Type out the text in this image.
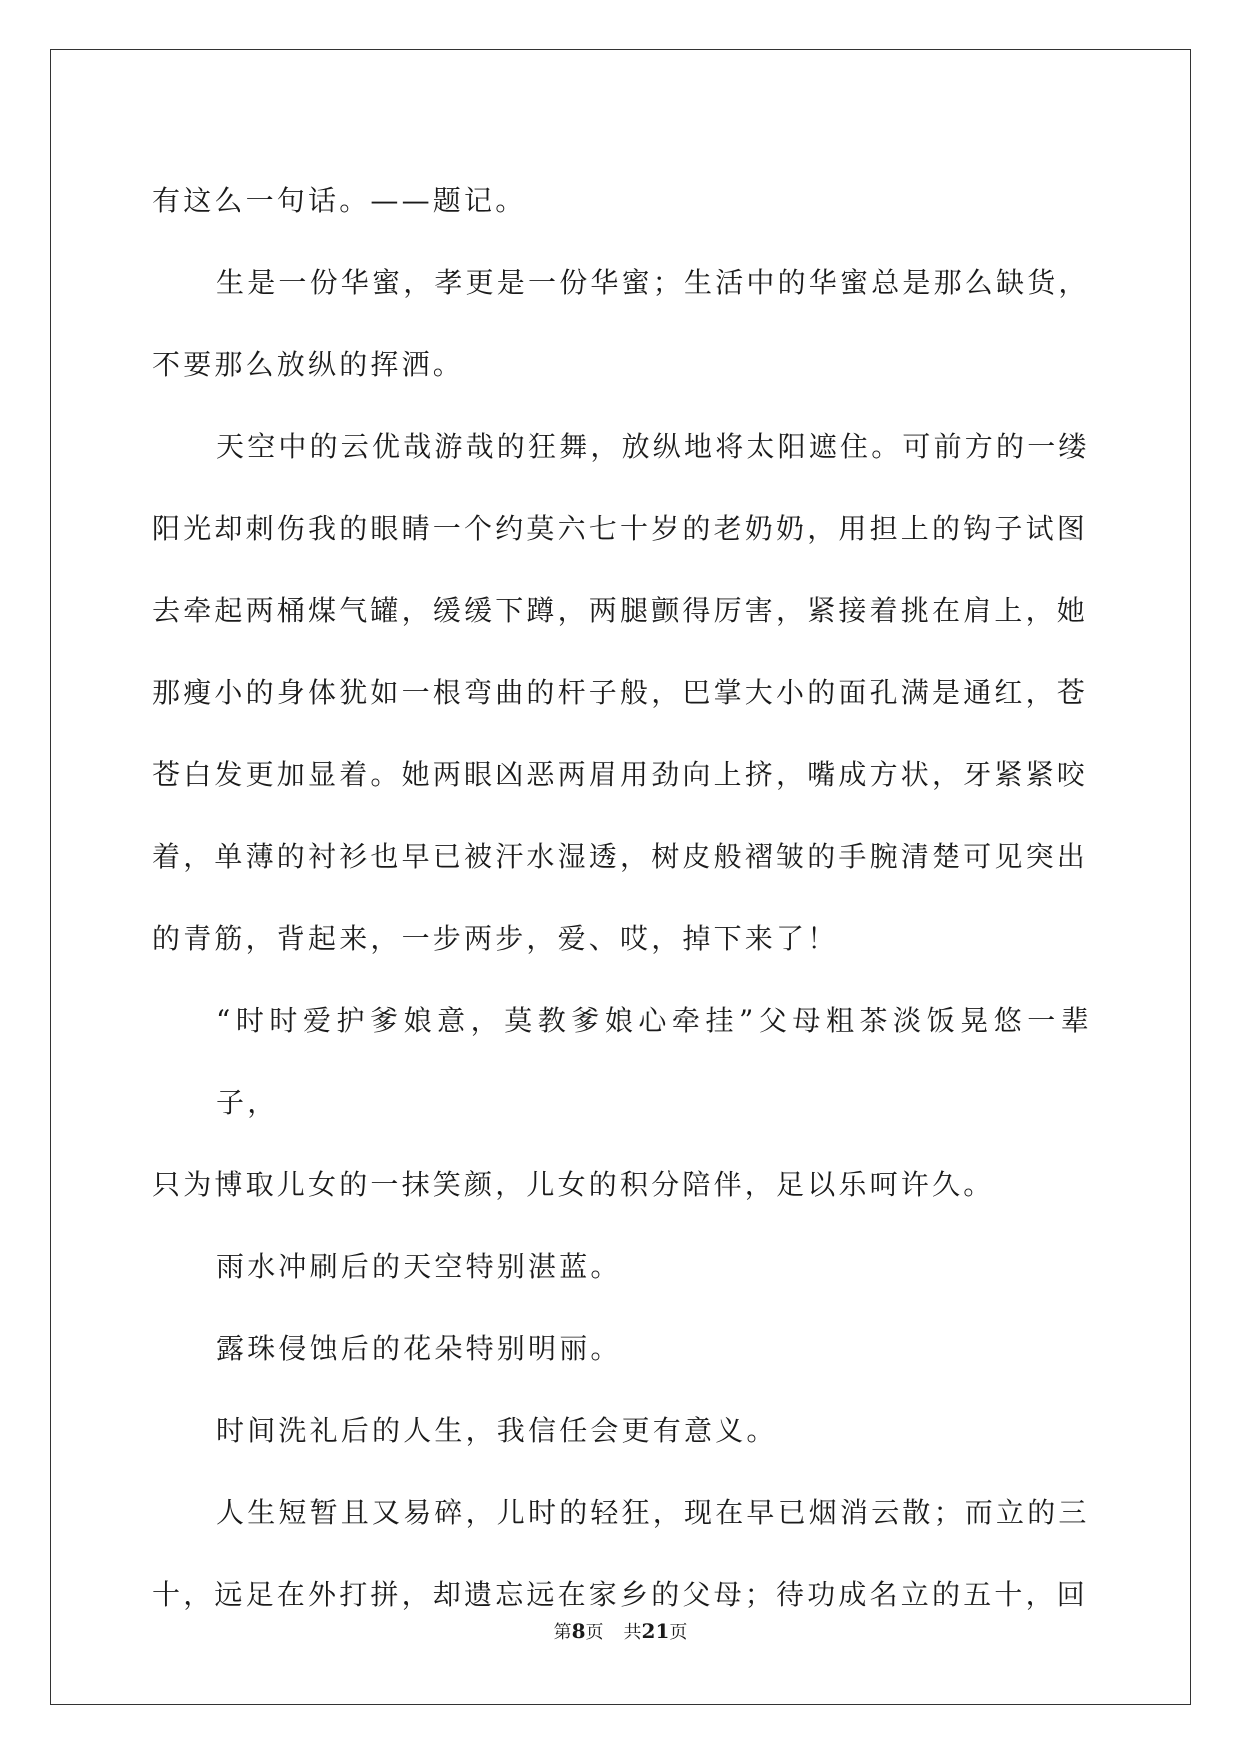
有这么一句话。——题记。

生是一份华蜜，孝更是一份华蜜；生活中的华蜜总是那么缺货，

不要那么放纵的挥洒。

天空中的云优哉游哉的狂舞，放纵地将太阳遮住。可前方的一缕

阳光却刺伤我的眼睛一个约莫六七十岁的老奶奶，用担上的钩子试图

去牵起两桶煤气罐，缓缓下蹲，两腿颤得厉害，紧接着挑在肩上，她

那瘦小的身体犹如一根弯曲的杆子般，巴掌大小的面孔满是通红，苍

苍白发更加显着。她两眼凶恶两眉用劲向上挤，嘴成方状，牙紧紧咬

着，单薄的衬衫也早已被汗水湿透，树皮般褶皱的手腕清楚可见突出

的青筋，背起来，一步两步，爱、哎，掉下来了！

“时时爱护爹娘意，莫教爹娘心牵挂”父母粗茶淡饭晃悠一辈子，

只为博取儿女的一抹笑颜，儿女的积分陪伴，足以乐呵许久。

雨水冲刷后的天空特别湛蓝。

露珠侵蚀后的花朵特别明丽。

时间洗礼后的人生，我信任会更有意义。

人生短暂且又易碎，儿时的轻狂，现在早已烟消云散；而立的三

十，远足在外打拼，却遗忘远在家乡的父母；待功成名立的五十，回

第8页 共21页
